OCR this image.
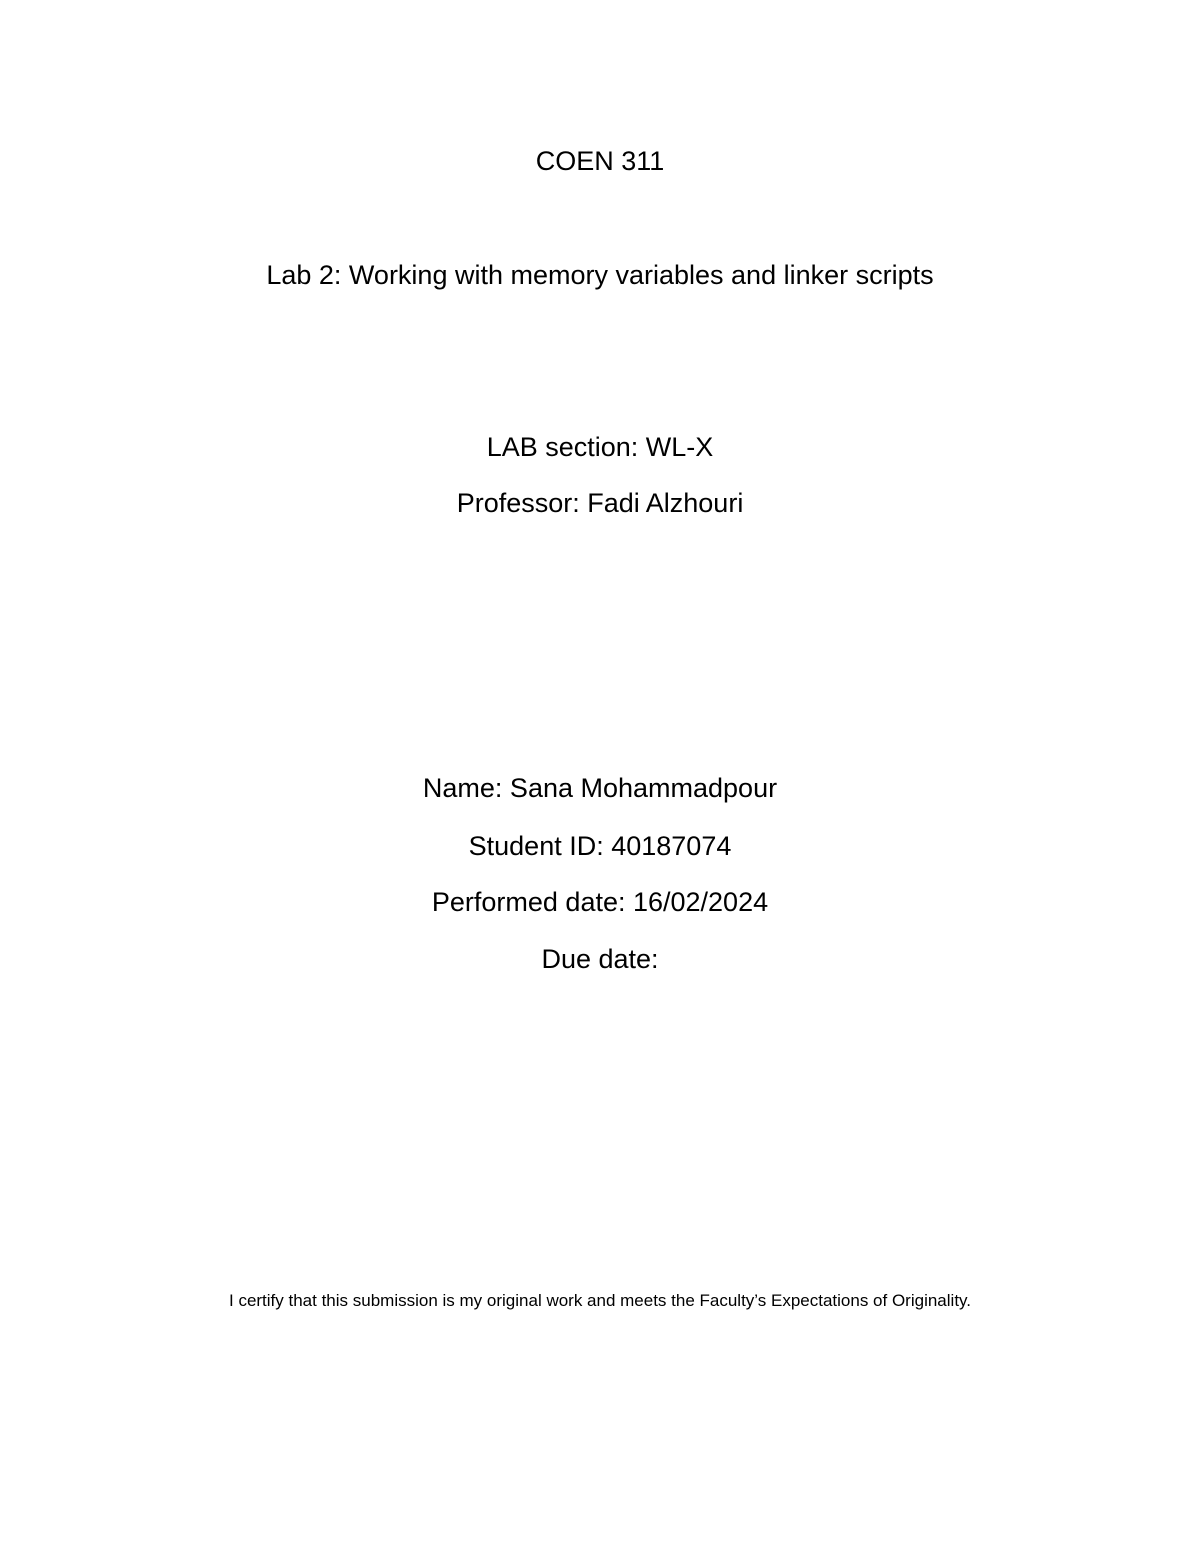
COEN 311
Lab 2: Working with memory variables and linker scripts
LAB section: WL-X
Professor: Fadi Alzhouri
Name: Sana Mohammadpour
Student ID: 40187074
Performed date: 16/02/2024
Due date:
I certify that this submission is my original work and meets the Faculty’s Expectations of Originality.
